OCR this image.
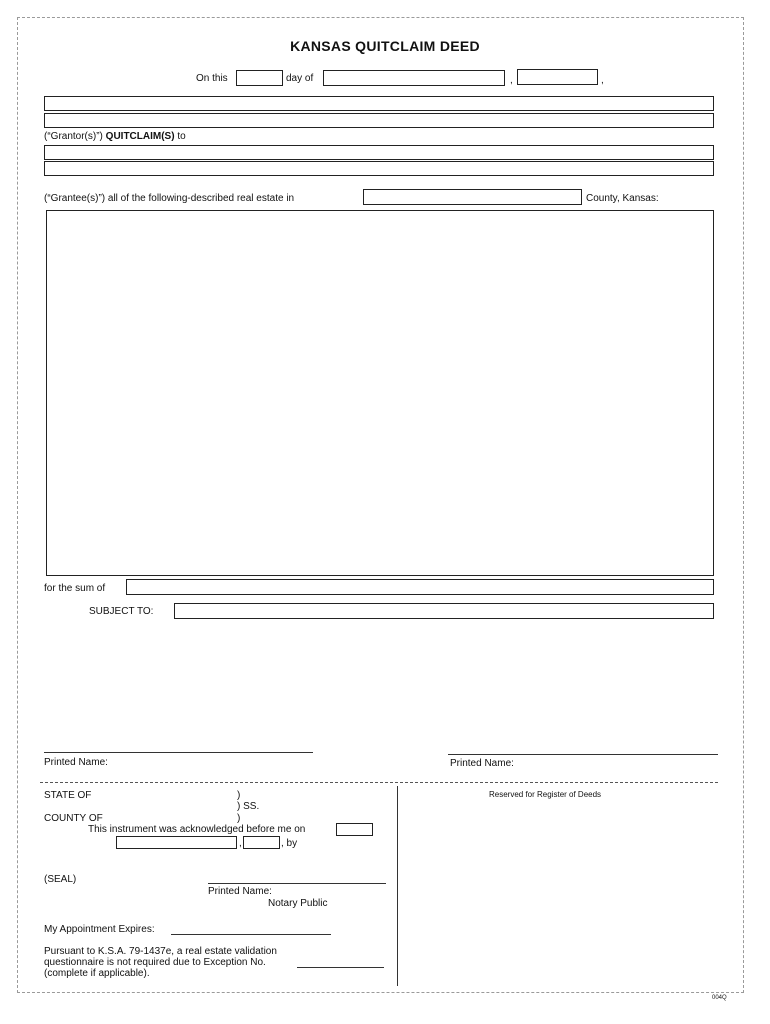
KANSAS QUITCLAIM DEED
On this	day of	,	,
(“Grantor(s)”) QUITCLAIM(S) to
(“Grantee(s)”) all of the following-described real estate in	County, Kansas:
for the sum of
SUBJECT TO:
Printed Name:	Printed Name:
STATE OF	)
) SS.
COUNTY OF	)
This instrument was acknowledged before me on
,	, by
(SEAL)
Printed Name:
Notary Public
My Appointment Expires:
Pursuant to K.S.A. 79-1437e, a real estate validation
questionnaire is not required due to Exception No.
(complete if applicable).
Reserved for Register of Deeds
004Q
